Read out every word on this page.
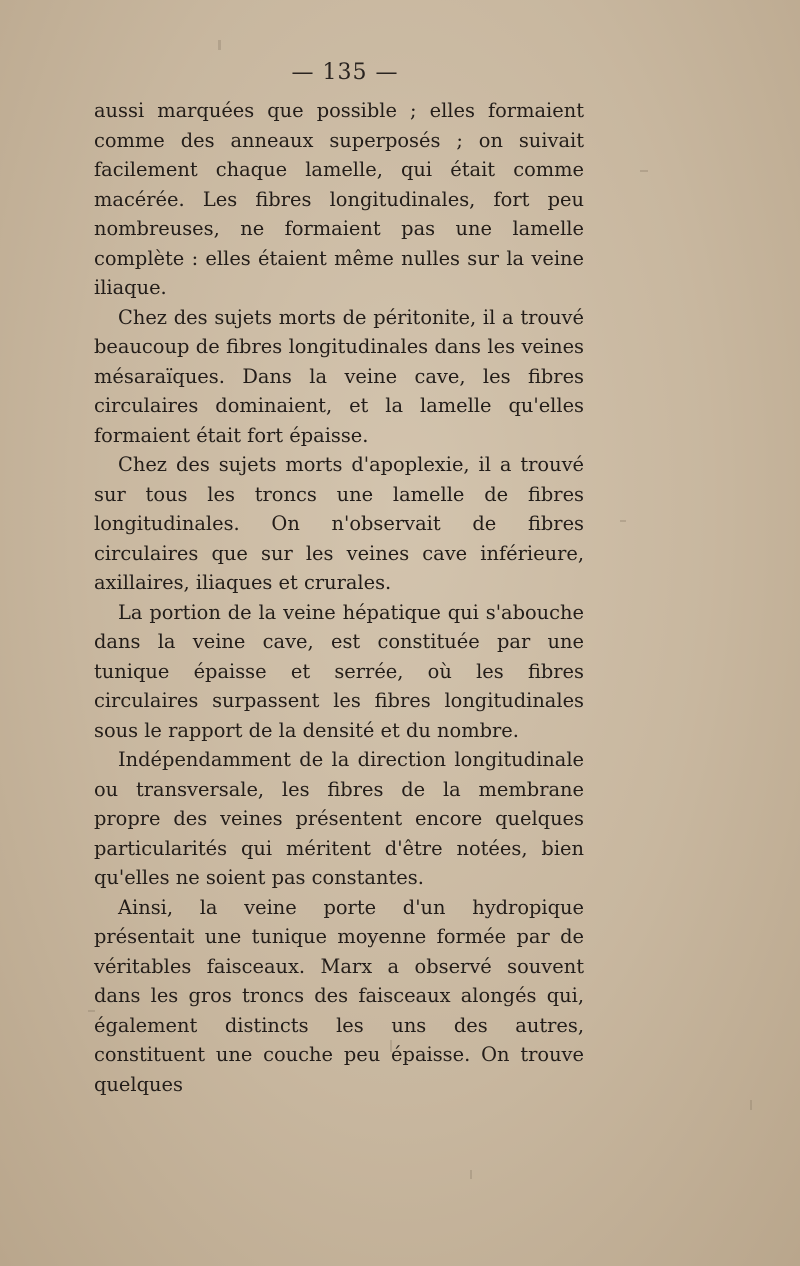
— 135 —

aussi marquées que possible ; elles formaient comme des anneaux superposés ; on suivait facilement chaque lamelle, qui était comme macérée. Les fibres longitudinales, fort peu nombreuses, ne formaient pas une lamelle complète : elles étaient même nulles sur la veine iliaque.

Chez des sujets morts de péritonite, il a trouvé beaucoup de fibres longitudinales dans les veines mésaraïques. Dans la veine cave, les fibres circulaires dominaient, et la lamelle qu'elles formaient était fort épaisse.

Chez des sujets morts d'apoplexie, il a trouvé sur tous les troncs une lamelle de fibres longitudinales. On n'observait de fibres circulaires que sur les veines cave inférieure, axillaires, iliaques et crurales.

La portion de la veine hépatique qui s'abouche dans la veine cave, est constituée par une tunique épaisse et serrée, où les fibres circulaires surpassent les fibres longitudinales sous le rapport de la densité et du nombre.

Indépendamment de la direction longitudinale ou transversale, les fibres de la membrane propre des veines présentent encore quelques particularités qui méritent d'être notées, bien qu'elles ne soient pas constantes.

Ainsi, la veine porte d'un hydropique présentait une tunique moyenne formée par de véritables faisceaux. Marx a observé souvent dans les gros troncs des faisceaux alongés qui, également distincts les uns des autres, constituent une couche peu épaisse. On trouve quelques
